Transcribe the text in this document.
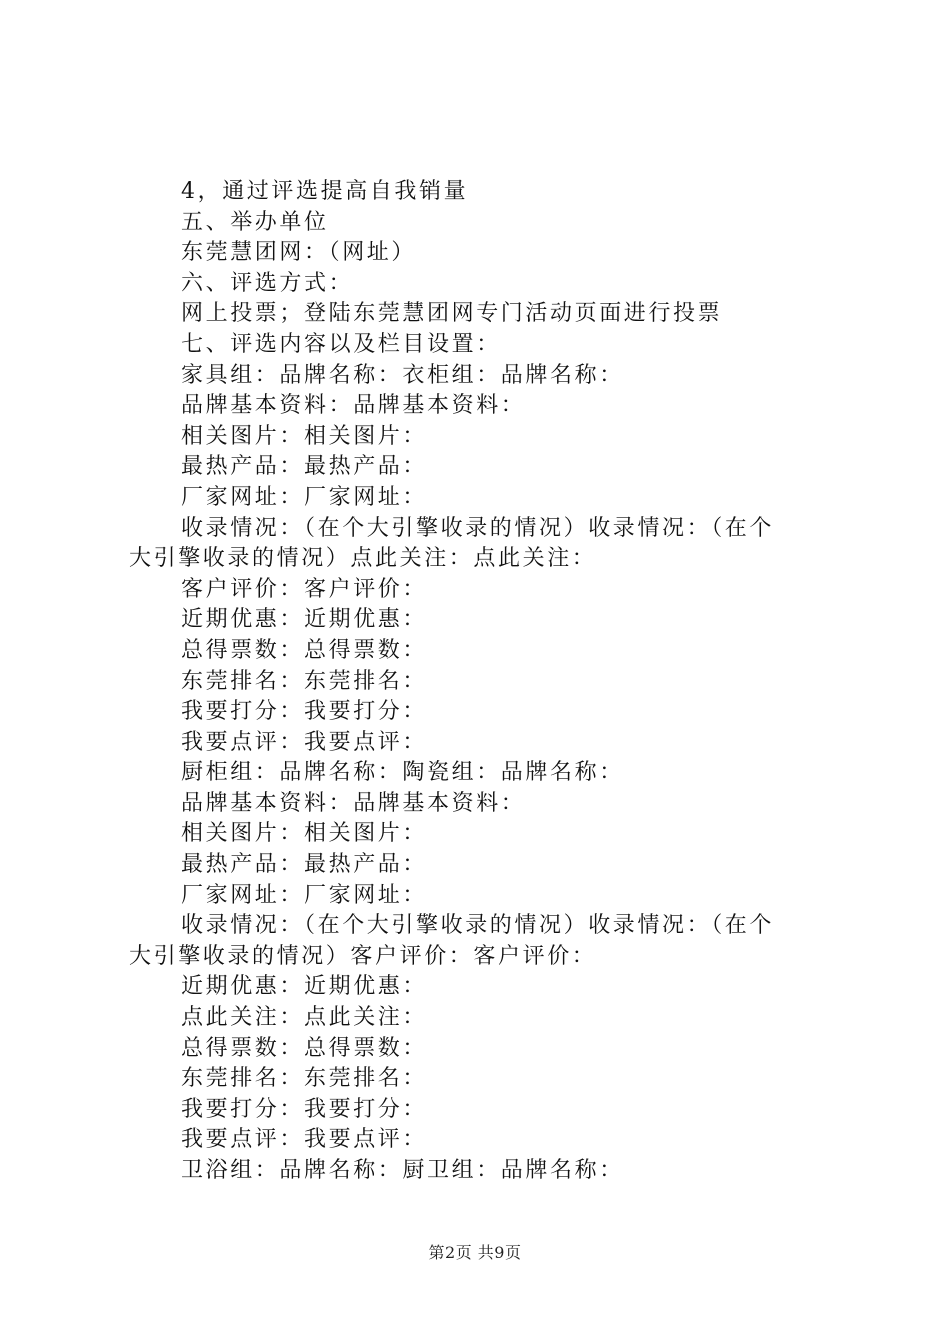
4，通过评选提高自我销量

五、举办单位

东莞慧团网：（网址）

六、评选方式：

网上投票；登陆东莞慧团网专门活动页面进行投票

七、评选内容以及栏目设置：

家具组：品牌名称：衣柜组：品牌名称：

品牌基本资料：品牌基本资料：

相关图片：相关图片：

最热产品：最热产品：

厂家网址：厂家网址：

收录情况：（在个大引擎收录的情况）收录情况：（在个

大引擎收录的情况）点此关注：点此关注：

客户评价：客户评价：

近期优惠：近期优惠：

总得票数：总得票数：

东莞排名：东莞排名：

我要打分：我要打分：

我要点评：我要点评：

厨柜组：品牌名称：陶瓷组：品牌名称：

品牌基本资料：品牌基本资料：

相关图片：相关图片：

最热产品：最热产品：

厂家网址：厂家网址：

收录情况：（在个大引擎收录的情况）收录情况：（在个

大引擎收录的情况）客户评价：客户评价：

近期优惠：近期优惠：

点此关注：点此关注：

总得票数：总得票数：

东莞排名：东莞排名：

我要打分：我要打分：

我要点评：我要点评：

卫浴组：品牌名称：厨卫组：品牌名称：

第2页 共9页
